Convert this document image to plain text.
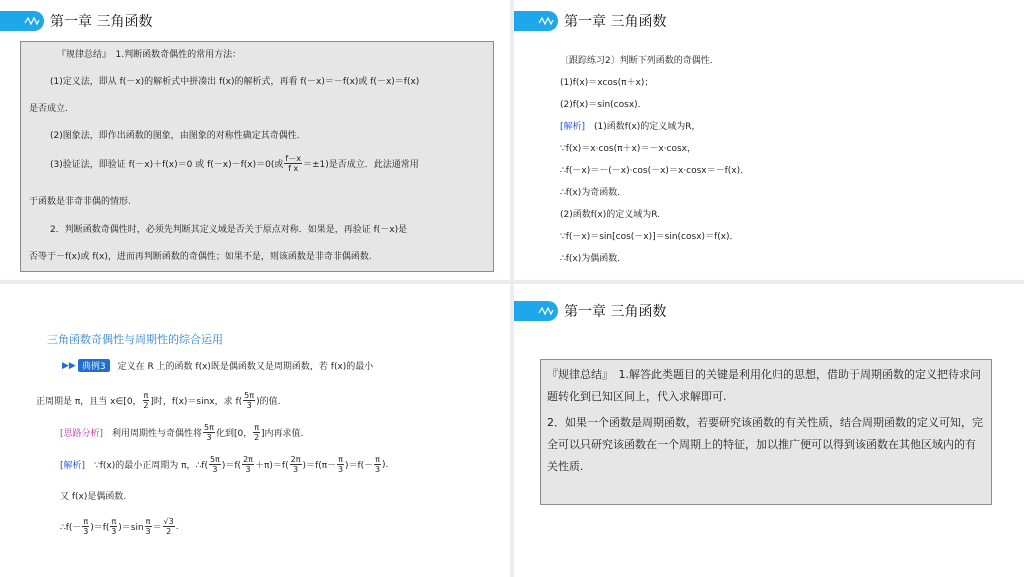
第一章 三角函数
『规律总结』　1.判断函数奇偶性的常用方法：
(1)定义法，即从 f(－x)的解析式中拼凑出 f(x)的解析式，再看 f(－x)＝－f(x)或 f(－x)＝f(x)
是否成立.
(2)图象法，即作出函数的图象，由图象的对称性确定其奇偶性.
(3)验证法，即验证 f(－x)＋f(x)＝0 或 f(－x)－f(x)＝0(或 $\frac{f-x}{\text{f x}} =\pm 1$)是否成立．此法通常用
于函数是非奇非偶的情形.
2．判断函数奇偶性时，必须先判断其定义域是否关于原点对称．如果是，再验证 f(－x)是
否等于－f(x)或 f(x)，进而再判断函数的奇偶性；如果不是，则该函数是非奇非偶函数.
第一章 三角函数
〔跟踪练习2〕判断下列函数的奇偶性．
(1)f(x)＝xcos(π＋x)；
(2)f(x)＝sin(cosx)．
[解析]　(1)函数f(x)的定义域为R，
∵f(x)＝x·cos(π＋x)＝－x·cosx，
∴f(－x)＝－(－x)·cos(－x)＝x·cosx＝－f(x)．
∴f(x)为奇函数．
(2)函数f(x)的定义域为R.
∵f(－x)＝sin[cos(－x)]＝sin(cosx)＝f(x)．
∴f(x)为偶函数．
三角函数奇偶性与周期性的综合运用
▶▶ 典例3	定义在 R 上的函数 f(x)既是偶函数又是周期函数，若 f(x)的最小
正周期是 π，且当 x∈[0， $\frac{\pi}{2}$ ]时，f(x)＝sinx，求 $f( \frac{5\pi}{3}$ )的值.
[思路分析] 　利用周期性与奇偶性将 $\frac{5\pi}{3}$ 化到[0， $\frac{\pi}{2}$ ]内再求值.
[解析] 　∵f(x)的最小正周期为 π，∴f( $\frac{5\pi}{3} )=f( \frac{2\pi}{3} +\pi)=f( \frac{2\pi}{3} )=f(\pi- \frac{\pi}{3} )=f(- \frac{\pi}{3}$ ).
又 f(x)是偶函数.
∴f(－ $\frac{\pi}{3} )=f( \frac{\pi}{3} )=\sin \frac{\pi}{3} = \frac{√3}{2}$ .
第一章 三角函数
『规律总结』　1.解答此类题目的关键是利用化归的思想，借助于周期函数的定义把待求问题转化到已知区间上，代入求解即可.
2．如果一个函数是周期函数，若要研究该函数的有关性质，结合周期函数的定义可知，完全可以只研究该函数在一个周期上的特征，加以推广便可以得到该函数在其他区域内的有关性质.
